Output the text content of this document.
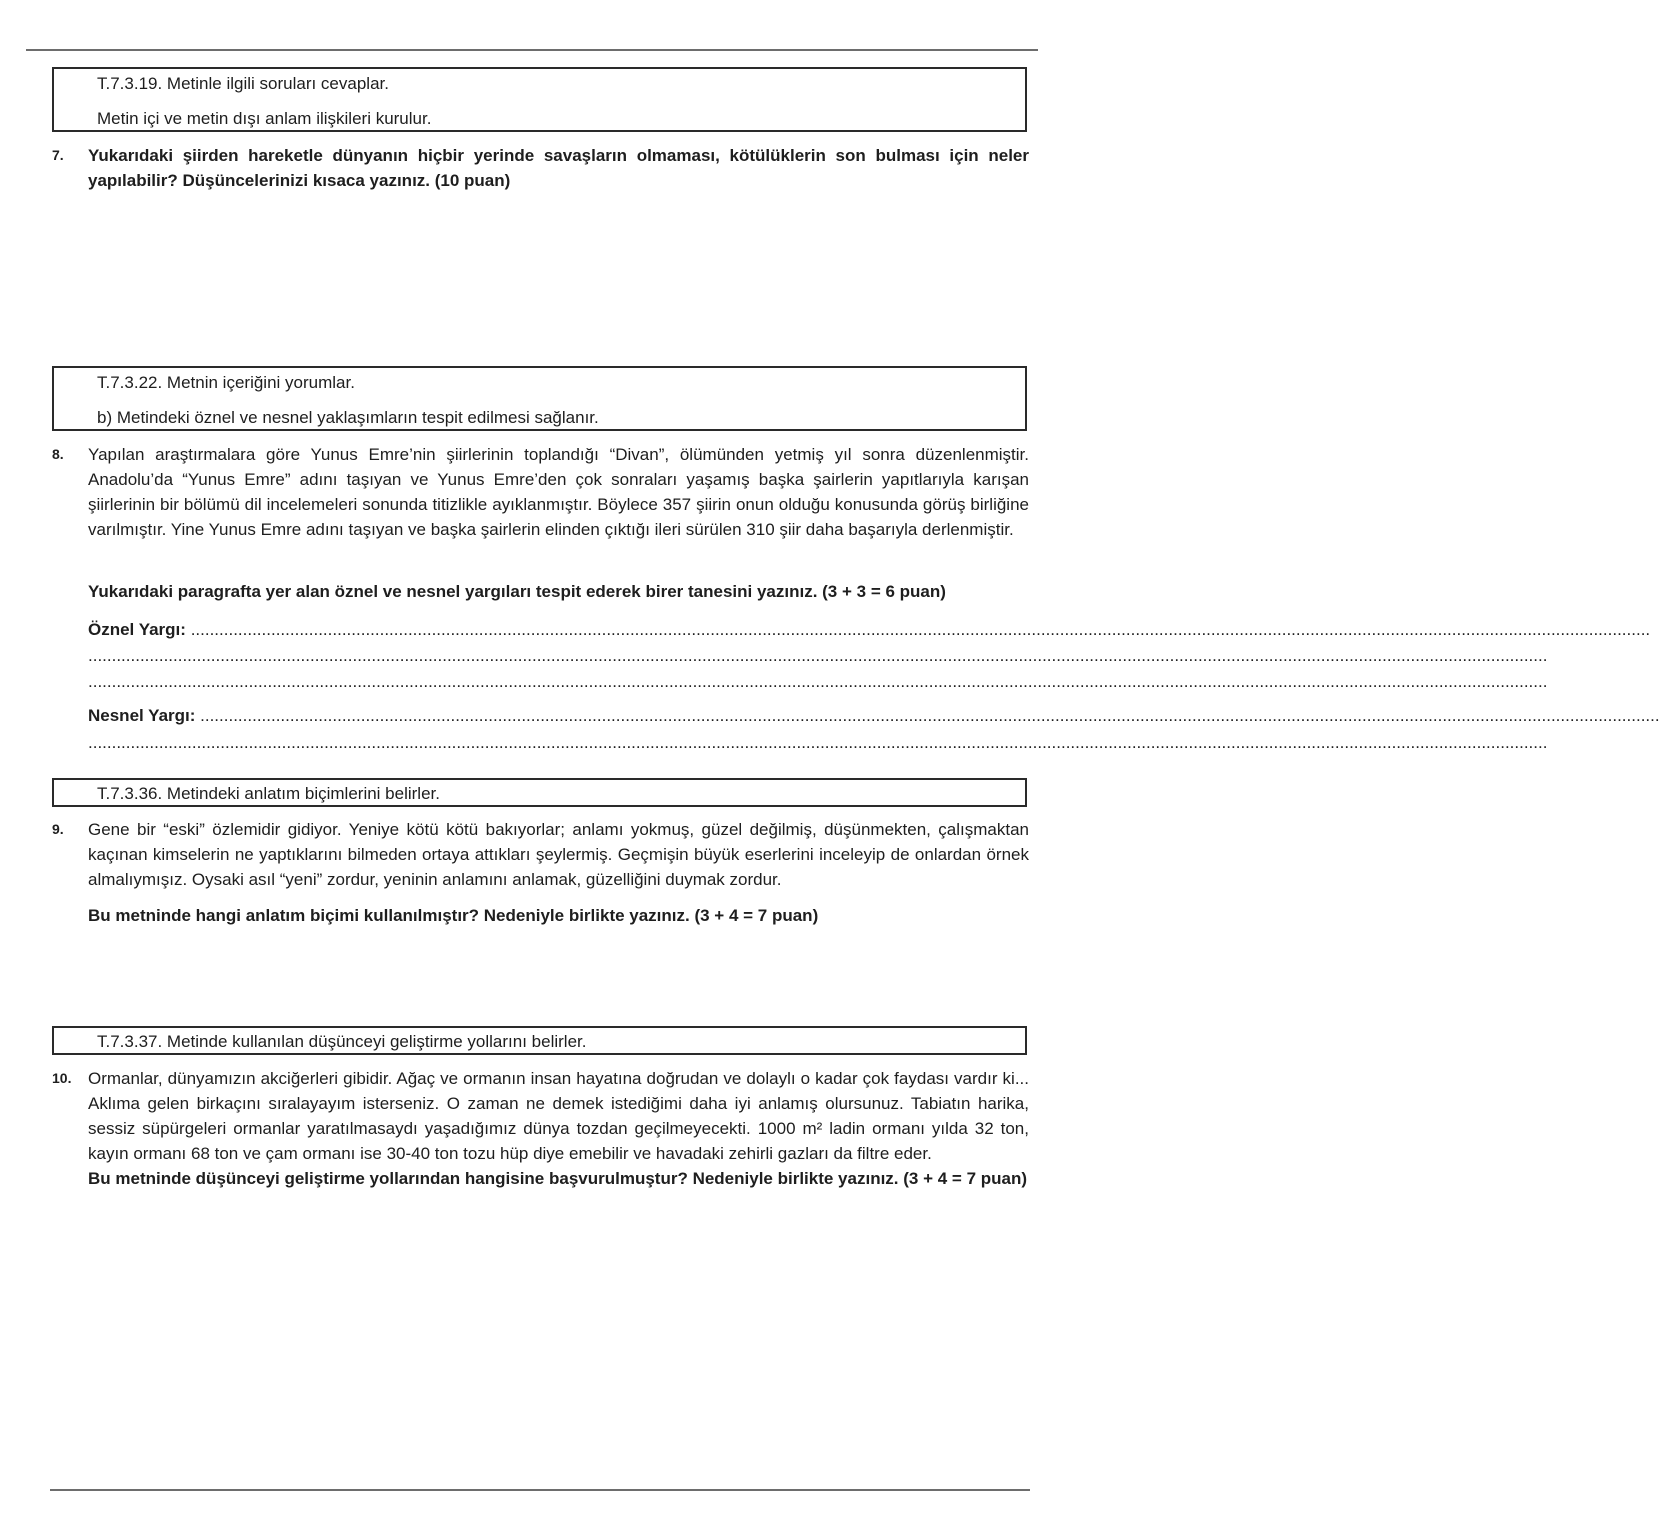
T.7.3.19. Metinle ilgili soruları cevaplar.
Metin içi ve metin dışı anlam ilişkileri kurulur.
7. Yukarıdaki şiirden hareketle dünyanın hiçbir yerinde savaşların olmaması, kötülüklerin son bulması için neler yapılabilir? Düşüncelerinizi kısaca yazınız. (10 puan)

T.7.3.22. Metnin içeriğini yorumlar.
b) Metindeki öznel ve nesnel yaklaşımların tespit edilmesi sağlanır.
8. Yapılan araştırmalara göre Yunus Emre’nin şiirlerinin toplandığı “Divan”, ölümünden yetmiş yıl sonra düzenlenmiştir. Anadolu’da “Yunus Emre” adını taşıyan ve Yunus Emre’den çok sonraları yaşamış başka şairlerin yapıtlarıyla karışan şiirlerinin bir bölümü dil incelemeleri sonunda titizlikle ayıklanmıştır. Böylece 357 şiirin onun olduğu konusunda görüş birliğine varılmıştır. Yine Yunus Emre adını taşıyan ve başka şairlerin elinden çıktığı ileri sürülen 310 şiir daha başarıyla derlenmiştir.

Yukarıdaki paragrafta yer alan öznel ve nesnel yargıları tespit ederek birer tanesini yazınız. (3 + 3 = 6 puan)

Öznel Yargı: .....................................................................................................................................................................................................................................................................................................................
.....................................................................................................................................................................................................................................................................................................................
.....................................................................................................................................................................................................................................................................................................................
Nesnel Yargı: .....................................................................................................................................................................................................................................................................................................................
.....................................................................................................................................................................................................................................................................................................................
T.7.3.36. Metindeki anlatım biçimlerini belirler.
9. Gene bir “eski” özlemidir gidiyor. Yeniye kötü kötü bakıyorlar; anlamı yokmuş, güzel değilmiş, düşünmekten, çalışmaktan kaçınan kimselerin ne yaptıklarını bilmeden ortaya attıkları şeylermiş. Geçmişin büyük eserlerini inceleyip de onlardan örnek almalıymışız. Oysaki asıl “yeni” zordur, yeninin anlamını anlamak, güzelliğini duymak zordur.

Bu metninde hangi anlatım biçimi kullanılmıştır? Nedeniyle birlikte yazınız. (3 + 4 = 7 puan)

T.7.3.37. Metinde kullanılan düşünceyi geliştirme yollarını belirler.
10. Ormanlar, dünyamızın akciğerleri gibidir. Ağaç ve ormanın insan hayatına doğrudan ve dolaylı o kadar çok faydası vardır ki... Aklıma gelen birkaçını sıralayayım isterseniz. O zaman ne demek istediğimi daha iyi anlamış olursunuz. Tabiatın harika, sessiz süpürgeleri ormanlar yaratılmasaydı yaşadığımız dünya tozdan geçilmeyecekti. 1000 m² ladin ormanı yılda 32 ton, kayın ormanı 68 ton ve çam ormanı ise 30-40 ton tozu hüp diye emebilir ve havadaki zehirli gazları da filtre eder.

Bu metninde düşünceyi geliştirme yollarından hangisine başvurulmuştur? Nedeniyle birlikte yazınız. (3 + 4 = 7 puan)
